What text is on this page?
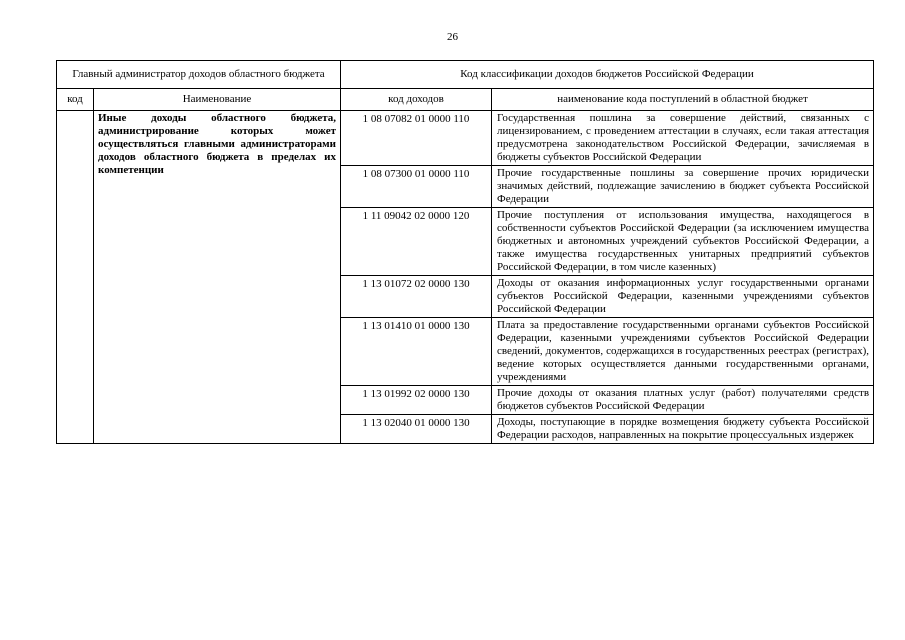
26
Главный администратор доходов областного бюджета		Код классификации доходов бюджетов Российской Федерации	
код	Наименование	код доходов	наименование кода поступлений в областной бюджет
	Иные доходы областного бюджета, администрирование которых может осуществляться главными администраторами доходов областного бюджета в пределах их компетенции	1 08 07082 01 0000 110	Государственная пошлина за совершение действий, связанных с лицензированием, с проведением аттестации в случаях, если такая аттестация предусмотрена законодательством Российской Федерации, зачисляемая в бюджеты субъектов Российской Федерации
		1 08 07300 01 0000 110	Прочие государственные пошлины за совершение прочих юридически значимых действий, подлежащие зачислению в бюджет субъекта Российской Федерации
		1 11 09042 02 0000 120	Прочие поступления от использования имущества, находящегося в собственности субъектов Российской Федерации (за исключением имущества бюджетных и автономных учреждений субъектов Российской Федерации, а также имущества государственных унитарных предприятий субъектов Российской Федерации, в том числе казенных)
		1 13 01072 02 0000 130	Доходы от оказания информационных услуг государственными органами субъектов Российской Федерации, казенными учреждениями субъектов Российской Федерации
		1 13 01410 01 0000 130	Плата за предоставление государственными органами субъектов Российской Федерации, казенными учреждениями субъектов Российской Федерации сведений, документов, содержащихся в государственных реестрах (регистрах), ведение которых осуществляется данными государственными органами, учреждениями
		1 13 01992 02 0000 130	Прочие доходы от оказания платных услуг (работ) получателями средств бюджетов субъектов Российской Федерации
		1 13 02040 01 0000 130	Доходы, поступающие в порядке возмещения бюджету субъекта Российской Федерации расходов, направленных на покрытие процессуальных издержек
